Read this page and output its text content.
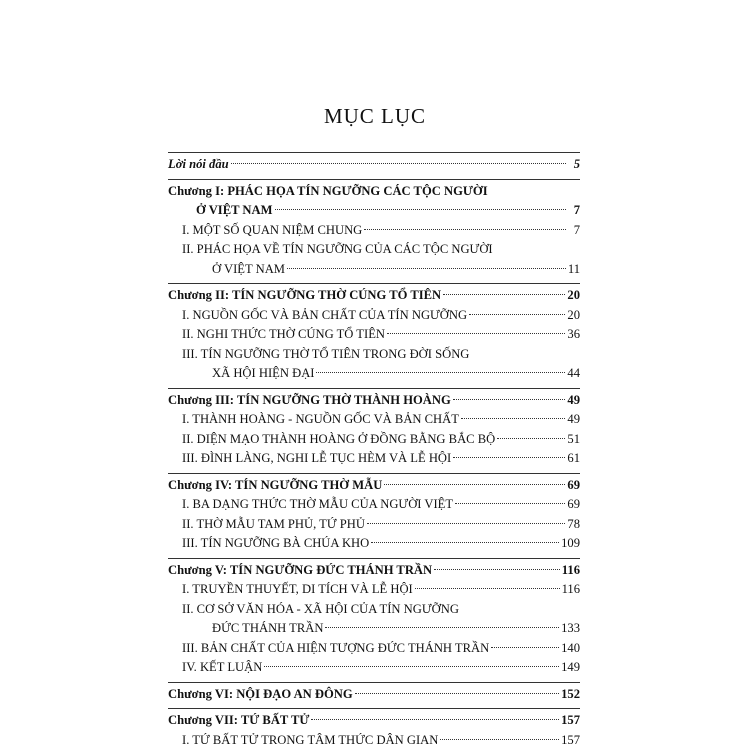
MỤC LỤC
Lời nói đầu	5
Chương I: PHÁC HỌA TÍN NGƯỠNG CÁC TỘC NGƯỜI
Ở VIỆT NAM	7
I. MỘT SỐ QUAN NIỆM CHUNG	7
II. PHÁC HỌA VỀ TÍN NGƯỠNG CỦA CÁC TỘC NGƯỜI
Ở VIỆT NAM	11
Chương II: TÍN NGƯỠNG THỜ CÚNG TỔ TIÊN	20
I. NGUỒN GỐC VÀ BẢN CHẤT CỦA TÍN NGƯỠNG	20
II. NGHI THỨC THỜ CÚNG TỔ TIÊN	36
III. TÍN NGƯỠNG THỜ TỔ TIÊN TRONG ĐỜI SỐNG
XÃ HỘI HIỆN ĐẠI	44
Chương III: TÍN NGƯỠNG THỜ THÀNH HOÀNG	49
I. THÀNH HOÀNG - NGUỒN GỐC VÀ BẢN CHẤT	49
II. DIỆN MẠO THÀNH HOÀNG Ở ĐỒNG BẰNG BẮC BỘ	51
III. ĐÌNH LÀNG, NGHI LỄ TỤC HÈM VÀ LỄ HỘI	61
Chương IV: TÍN NGƯỠNG THỜ MẪU	69
I. BA DẠNG THỨC THỜ MẪU CỦA NGƯỜI VIỆT	69
II. THỜ MẪU TAM PHỦ, TỨ PHỦ	78
III. TÍN NGƯỠNG BÀ CHÚA KHO	109
Chương V: TÍN NGƯỠNG ĐỨC THÁNH TRẦN	116
I. TRUYỀN THUYẾT, DI TÍCH VÀ LỄ HỘI	116
II. CƠ SỞ VĂN HÓA - XÃ HỘI CỦA TÍN NGƯỠNG
ĐỨC THÁNH TRẦN	133
III. BẢN CHẤT CỦA HIỆN TƯỢNG ĐỨC THÁNH TRẦN	140
IV. KẾT LUẬN	149
Chương VI: NỘI ĐẠO AN ĐÔNG	152
Chương VII: TỨ BẤT TỬ	157
I. TỨ BẤT TỬ TRONG TÂM THỨC DÂN GIAN	157
